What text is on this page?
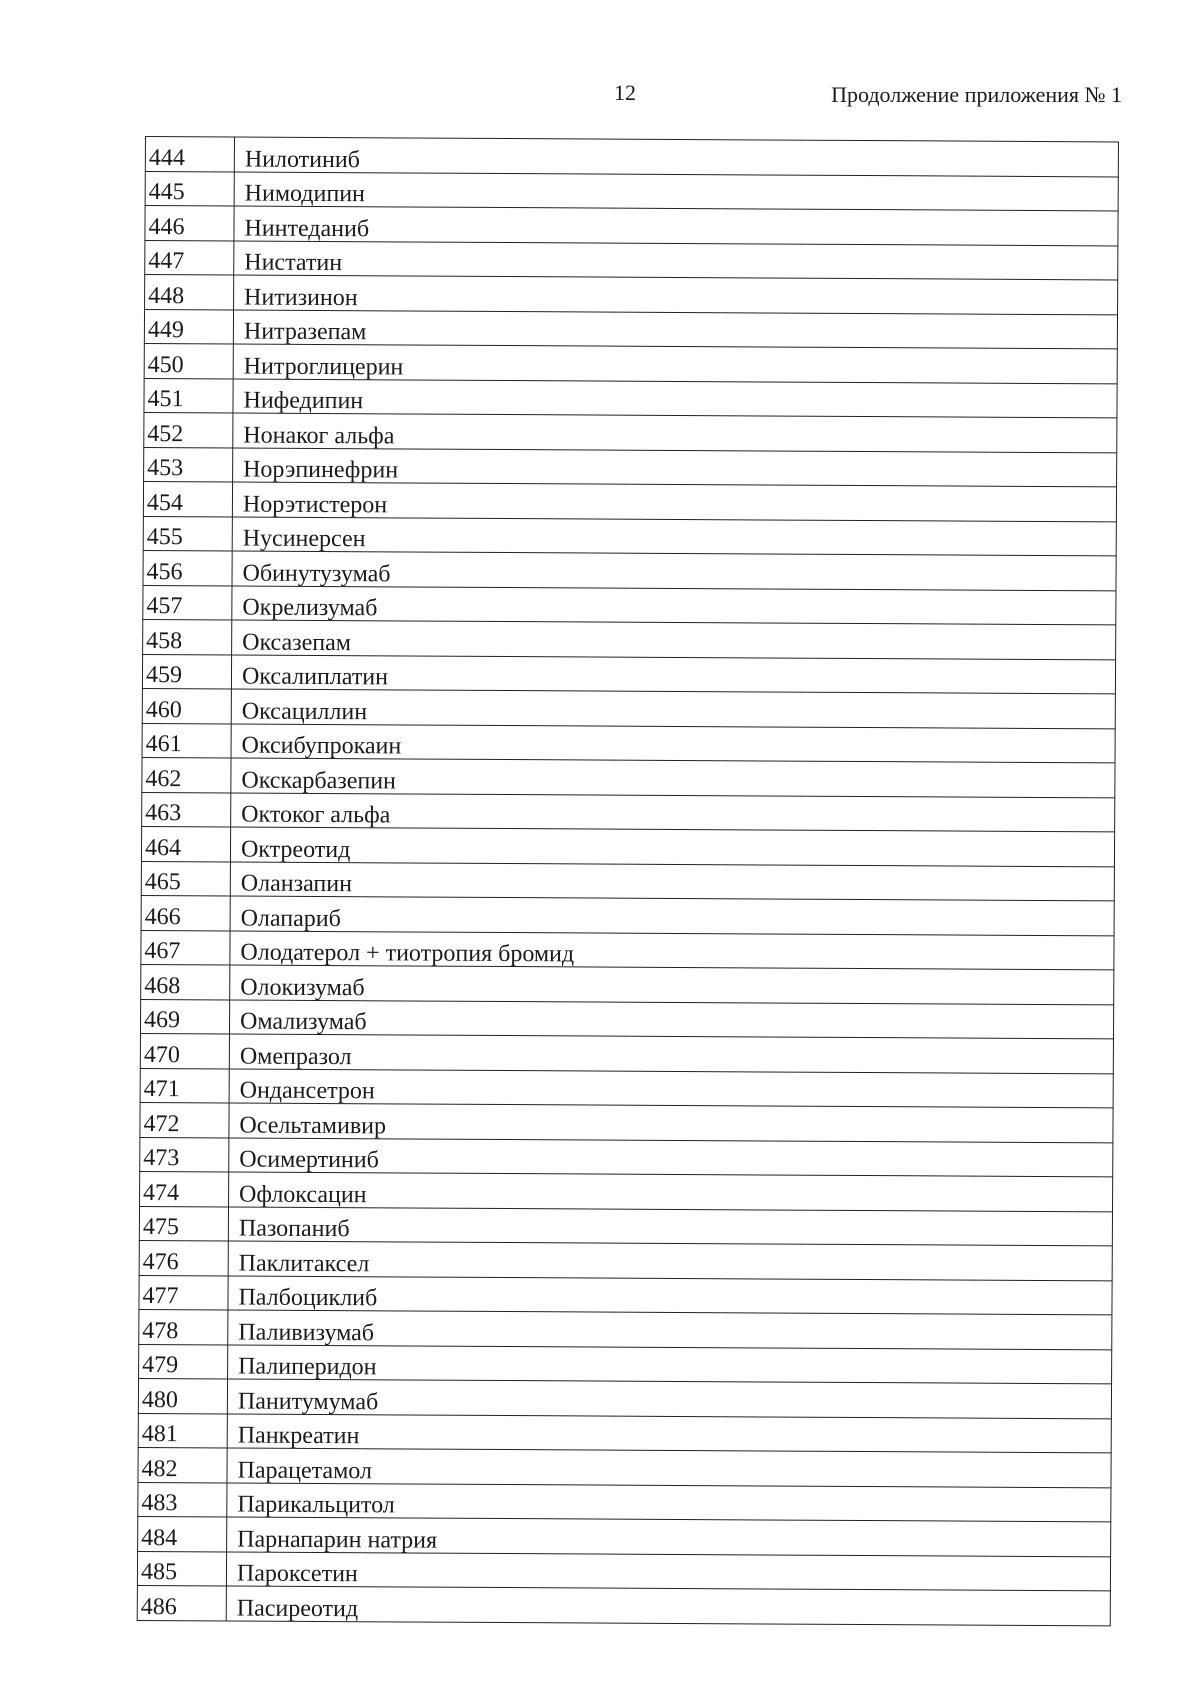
12	Продолжение приложения № 1
444	Нилотиниб
445	Нимодипин
446	Нинтеданиб
447	Нистатин
448	Нитизинон
449	Нитразепам
450	Нитроглицерин
451	Нифедипин
452	Нонаког альфа
453	Норэпинефрин
454	Норэтистерон
455	Нусинерсен
456	Обинутузумаб
457	Окрелизумаб
458	Оксазепам
459	Оксалиплатин
460	Оксациллин
461	Оксибупрокаин
462	Окскарбазепин
463	Октоког альфа
464	Октреотид
465	Оланзапин
466	Олапариб
467	Олодатерол + тиотропия бромид
468	Олокизумаб
469	Омализумаб
470	Омепразол
471	Ондансетрон
472	Осельтамивир
473	Осимертиниб
474	Офлоксацин
475	Пазопаниб
476	Паклитаксел
477	Палбоциклиб
478	Паливизумаб
479	Палиперидон
480	Панитумумаб
481	Панкреатин
482	Парацетамол
483	Парикальцитол
484	Парнапарин натрия
485	Пароксетин
486	Пасиреотид
